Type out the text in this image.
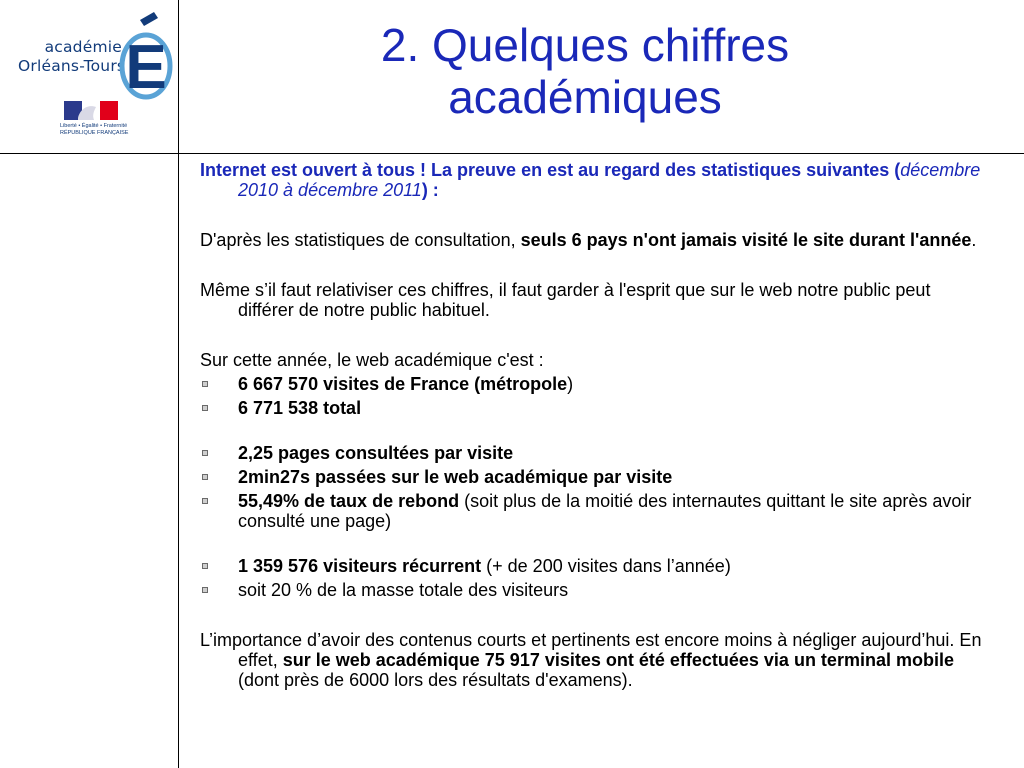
académie
Orléans-Tours E
Liberté • Égalité • Fraternité
RÉPUBLIQUE FRANÇAISE
2. Quelques chiffres
académiques

Internet est ouvert à tous ! La preuve en est au regard des statistiques suivantes (décembre 2010 à décembre 2011) :

D'après les statistiques de consultation, seuls 6 pays n'ont jamais visité le site durant l'année.

Même s’il faut relativiser ces chiffres, il faut garder à l'esprit que sur le web notre public peut différer de notre public habituel.

Sur cette année, le web académique c'est :

6 667 570 visites de France (métropole)

6 771 538 total

2,25 pages consultées par visite

2min27s passées sur le web académique par visite

55,49% de taux de rebond (soit plus de la moitié des internautes quittant le site après avoir consulté une page)

1 359 576 visiteurs récurrent (+ de 200 visites dans l’année)

soit 20 % de la masse totale des visiteurs

L’importance d’avoir des contenus courts et pertinents est encore moins à négliger aujourd’hui. En effet, sur le web académique 75 917 visites ont été effectuées via un terminal mobile (dont près de 6000 lors des résultats d'examens).
